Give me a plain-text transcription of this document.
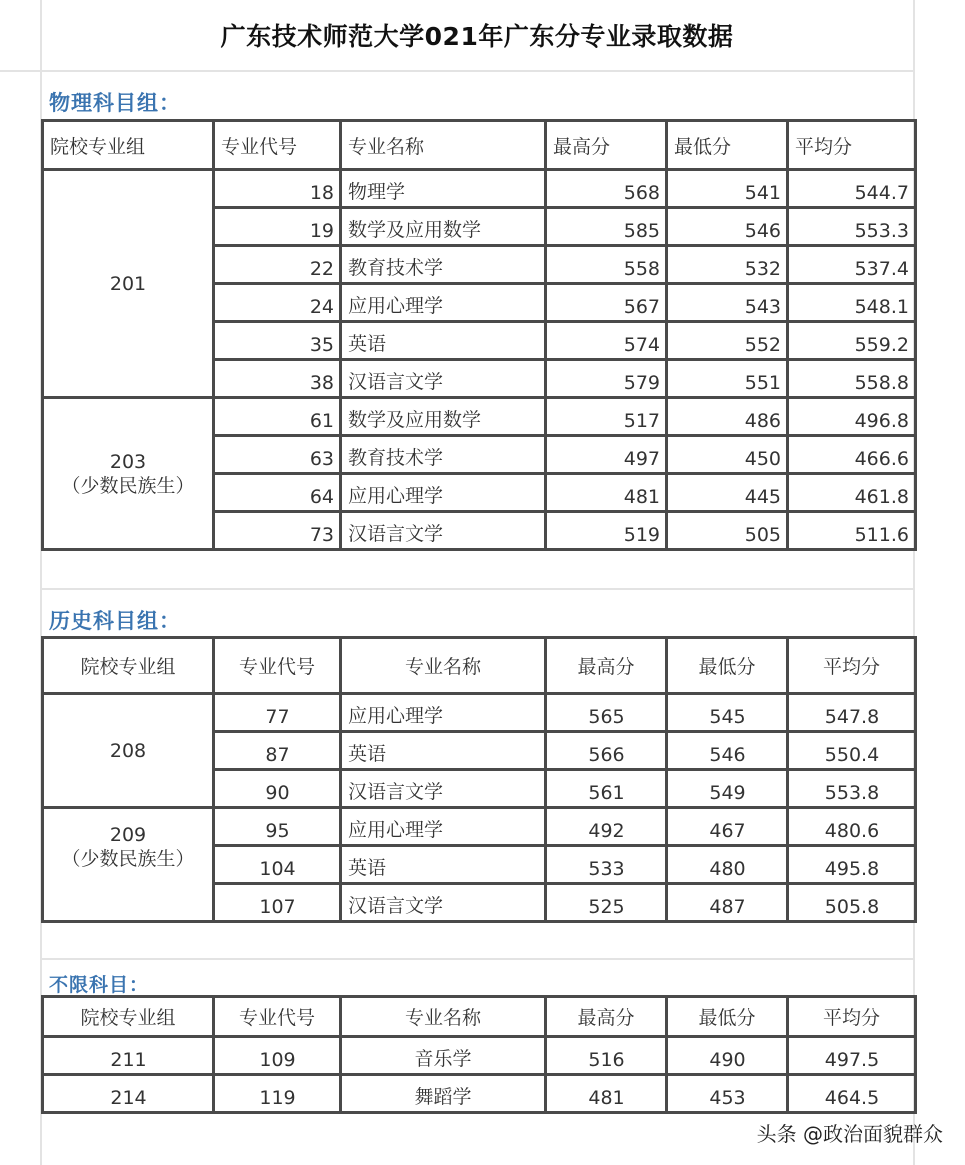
广东技术师范大学021年广东分专业录取数据
物理科目组：
院校专业组	专业代号	专业名称	最高分	最低分	平均分
201	18	物理学	568	541	544.7
	19	数学及应用数学	585	546	553.3
	22	教育技术学	558	532	537.4
	24	应用心理学	567	543	548.1
	35	英语	574	552	559.2
	38	汉语言文学	579	551	558.8

203
（少数民族生）	61	数学及应用数学	517	486	496.8
	63	教育技术学	497	450	466.6
	64	应用心理学	481	445	461.8
	73	汉语言文学	519	505	511.6
历史科目组：
院校专业组	专业代号	专业名称	最高分	最低分	平均分
208	77	应用心理学	565	545	547.8
	87	英语	566	546	550.4
	90	汉语言文学	561	549	553.8

209
（少数民族生）	95	应用心理学	492	467	480.6
	104	英语	533	480	495.8
	107	汉语言文学	525	487	505.8
不限科目：
院校专业组	专业代号	专业名称	最高分	最低分	平均分
211	109	音乐学	516	490	497.5
214	119	舞蹈学	481	453	464.5
头条 @政治面貌群众
